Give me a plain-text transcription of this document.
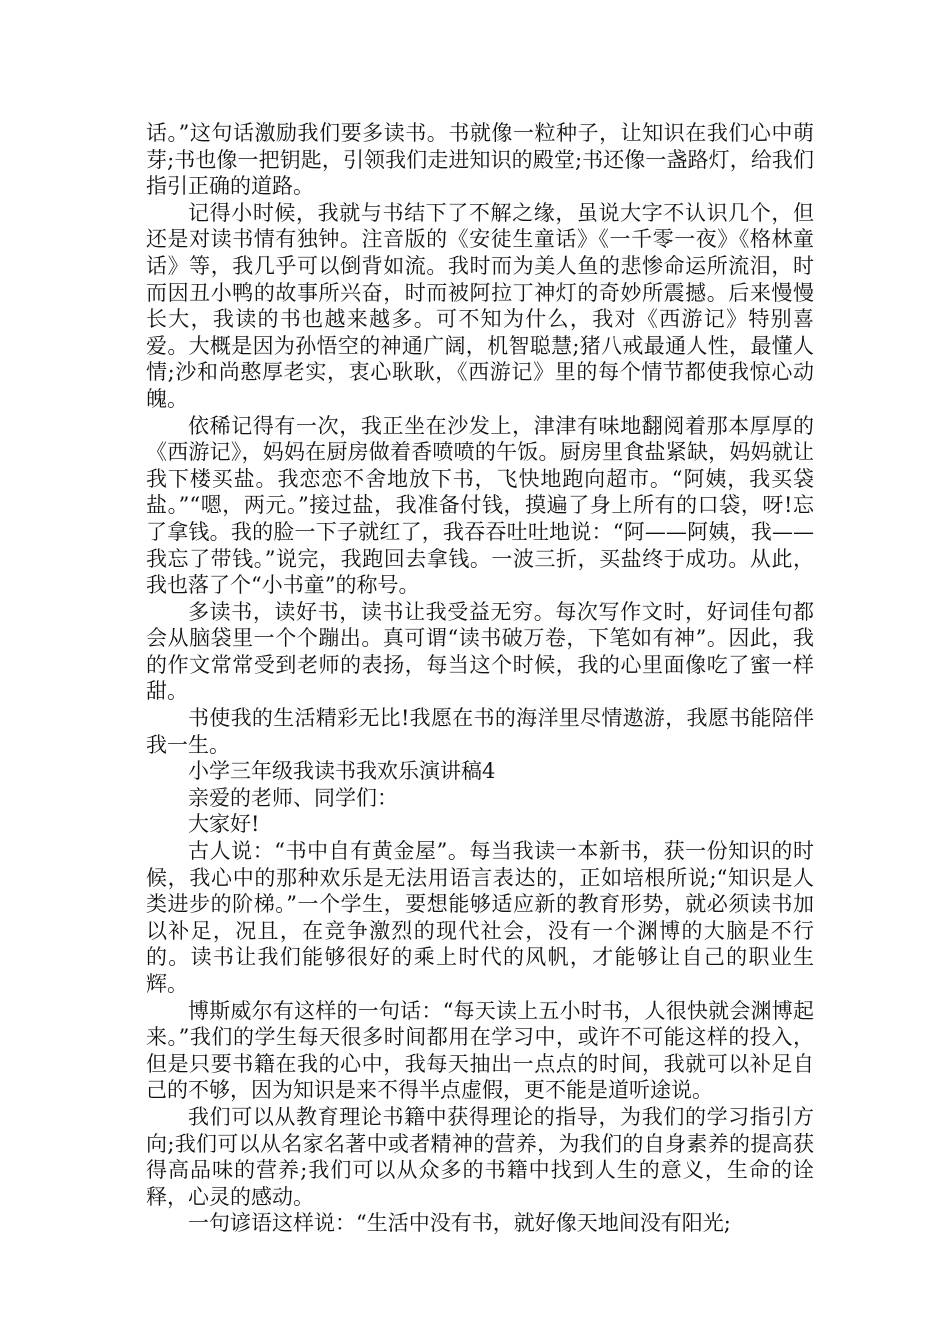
话。”这句话激励我们要多读书。书就像一粒种子，让知识在我们心中萌芽;书也像一把钥匙，引领我们走进知识的殿堂;书还像一盏路灯，给我们指引正确的道路。

记得小时候，我就与书结下了不解之缘，虽说大字不认识几个，但还是对读书情有独钟。注音版的《安徒生童话》《一千零一夜》《格林童话》等，我几乎可以倒背如流。我时而为美人鱼的悲惨命运所流泪，时而因丑小鸭的故事所兴奋，时而被阿拉丁神灯的奇妙所震撼。后来慢慢长大，我读的书也越来越多。可不知为什么，我对《西游记》特别喜爱。大概是因为孙悟空的神通广阔，机智聪慧;猪八戒最通人性，最懂人情;沙和尚憨厚老实，衷心耿耿，《西游记》里的每个情节都使我惊心动魄。

依稀记得有一次，我正坐在沙发上，津津有味地翻阅着那本厚厚的《西游记》，妈妈在厨房做着香喷喷的午饭。厨房里食盐紧缺，妈妈就让我下楼买盐。我恋恋不舍地放下书，飞快地跑向超市。“阿姨，我买袋盐。”“嗯，两元。”接过盐，我准备付钱，摸遍了身上所有的口袋，呀!忘了拿钱。我的脸一下子就红了，我吞吞吐吐地说：“阿——阿姨，我——我忘了带钱。”说完，我跑回去拿钱。一波三折，买盐终于成功。从此，我也落了个“小书童”的称号。

多读书，读好书，读书让我受益无穷。每次写作文时，好词佳句都会从脑袋里一个个蹦出。真可谓“读书破万卷，下笔如有神”。因此，我的作文常常受到老师的表扬，每当这个时候，我的心里面像吃了蜜一样甜。

书使我的生活精彩无比!我愿在书的海洋里尽情遨游，我愿书能陪伴我一生。

小学三年级我读书我欢乐演讲稿4

亲爱的老师、同学们：

大家好!

古人说：“书中自有黄金屋”。每当我读一本新书，获一份知识的时候，我心中的那种欢乐是无法用语言表达的，正如培根所说;“知识是人类进步的阶梯。”一个学生，要想能够适应新的教育形势，就必须读书加以补足，况且，在竞争激烈的现代社会，没有一个渊博的大脑是不行的。读书让我们能够很好的乘上时代的风帆，才能够让自己的职业生辉。

博斯威尔有这样的一句话：“每天读上五小时书，人很快就会渊博起来。”我们的学生每天很多时间都用在学习中，或许不可能这样的投入，但是只要书籍在我的心中，我每天抽出一点点的时间，我就可以补足自己的不够，因为知识是来不得半点虚假，更不能是道听途说。

我们可以从教育理论书籍中获得理论的指导，为我们的学习指引方向;我们可以从名家名著中或者精神的营养，为我们的自身素养的提高获得高品味的营养;我们可以从众多的书籍中找到人生的意义，生命的诠释，心灵的感动。

一句谚语这样说：“生活中没有书，就好像天地间没有阳光;
